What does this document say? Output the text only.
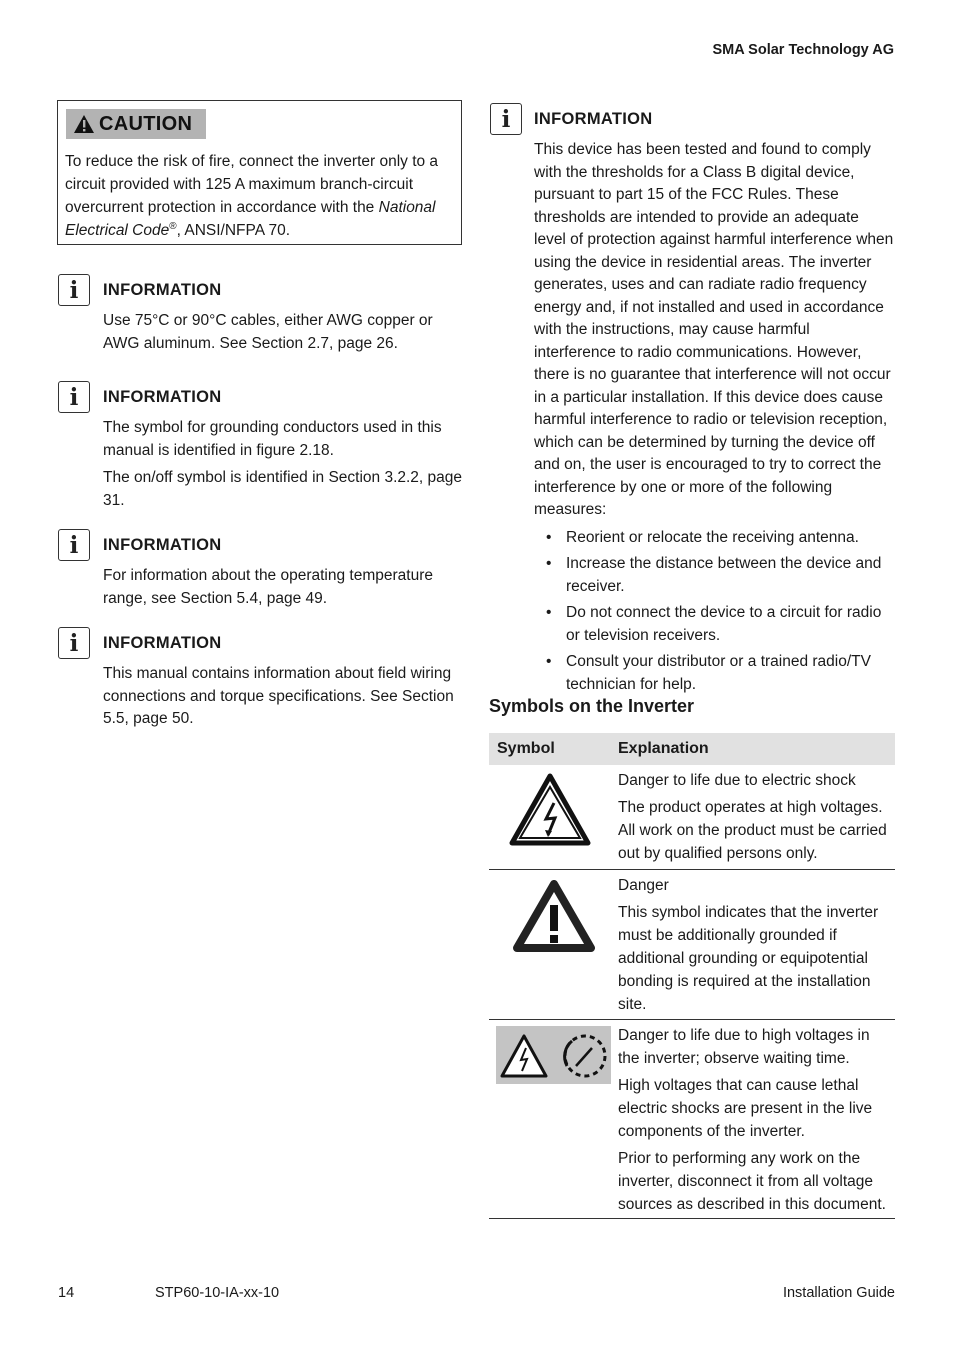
SMA Solar Technology AG
CAUTION
To reduce the risk of fire, connect the inverter only to a circuit provided with 125 A maximum branch-circuit overcurrent protection in accordance with the National Electrical Code®, ANSI/NFPA 70.
i	INFORMATION

Use 75°C or 90°C cables, either AWG copper or AWG aluminum. See Section 2.7, page 26.

i	INFORMATION

The symbol for grounding conductors used in this manual is identified in figure 2.18.

The on/off symbol is identified in Section 3.2.2, page 31.

i	INFORMATION

For information about the operating temperature range, see Section 5.4, page 49.

i	INFORMATION

This manual contains information about field wiring connections and torque specifications. See Section 5.5, page 50.

i	INFORMATION

This device has been tested and found to comply with the thresholds for a Class B digital device, pursuant to part 15 of the FCC Rules. These thresholds are intended to provide an adequate level of protection against harmful interference when using the device in residential areas. The inverter generates, uses and can radiate radio frequency energy and, if not installed and used in accordance with the instructions, may cause harmful interference to radio communications. However, there is no guarantee that interference will not occur in a particular installation. If this device does cause harmful interference to radio or television reception, which can be determined by turning the device off and on, the user is encouraged to try to correct the interference by one or more of the following measures:

• Reorient or relocate the receiving antenna.
• Increase the distance between the device and receiver.
• Do not connect the device to a circuit for radio or television receivers.
• Consult your distributor or a trained radio/TV technician for help.
Symbols on the Inverter
Symbol	Explanation

Danger to life due to electric shock

The product operates at high voltages. All work on the product must be carried out by qualified persons only.

Danger

This symbol indicates that the inverter must be additionally grounded if additional grounding or equipotential bonding is required at the installation site.

Danger to life due to high voltages in the inverter; observe waiting time.

High voltages that can cause lethal electric shocks are present in the live components of the inverter.

Prior to performing any work on the inverter, disconnect it from all voltage sources as described in this document.

14	STP60-10-IA-xx-10	Installation Guide
